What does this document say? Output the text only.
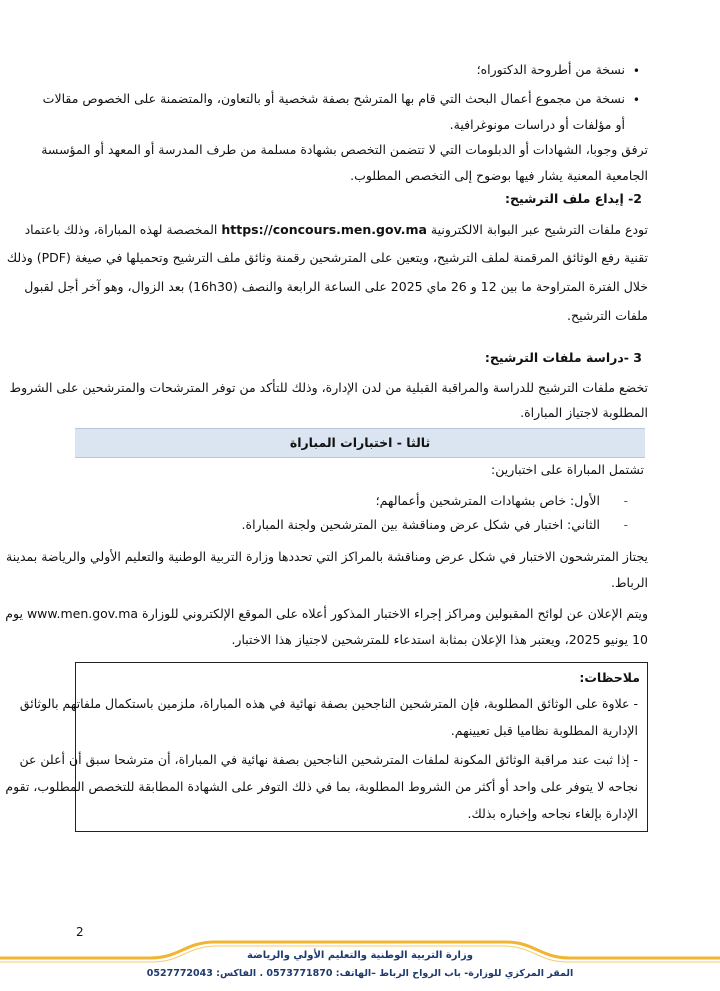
•
نسخة من أطروحة الدكتوراه؛
•
نسخة من مجموع أعمال البحث التي قام بها المترشح بصفة شخصية أو بالتعاون، والمتضمنة على الخصوص مقالات
أو مؤلفات أو دراسات مونوغرافية.
ترفق وجوبا، الشهادات أو الدبلومات التي لا تتضمن التخصص بشهادة مسلمة من طرف المدرسة أو المعهد أو المؤسسة
الجامعية المعنية يشار فيها بوضوح إلى التخصص المطلوب.
2- إيداع ملف الترشيح:
تودع ملفات الترشيح عبر البوابة الالكترونية https://concours.men.gov.ma المخصصة لهذه المباراة، وذلك باعتماد
تقنية رفع الوثائق المرقمنة لملف الترشيح، ويتعين على المترشحين رقمنة وثائق ملف الترشيح وتحميلها في صيغة (PDF) وذلك
خلال الفترة المتراوحة ما بين 12 و 26 ماي 2025 على الساعة الرابعة والنصف (16h30) بعد الزوال، وهو آخر أجل لقبول
ملفات الترشيح.
3 -دراسة ملفات الترشيح:
تخضع ملفات الترشيح للدراسة والمراقبة القبلية من لدن الإدارة، وذلك للتأكد من توفر المترشحات والمترشحين على الشروط
المطلوبة لاجتياز المباراة.
ثالثا - اختبارات المباراة
تشتمل المباراة على اختبارين:
-
الأول: خاص بشهادات المترشحين وأعمالهم؛
-
الثاني: اختبار في شكل عرض ومناقشة بين المترشحين ولجنة المباراة.
يجتاز المترشحون الاختبار في شكل عرض ومناقشة بالمراكز التي تحددها وزارة التربية الوطنية والتعليم الأولي والرياضة بمدينة
الرباط.
ويتم الإعلان عن لوائح المقبولين ومراكز إجراء الاختبار المذكور أعلاه على الموقع الإلكتروني للوزارة www.men.gov.ma يوم
10 يونيو 2025، ويعتبر هذا الإعلان بمثابة استدعاء للمترشحين لاجتياز هذا الاختبار.
ملاحظات:
- علاوة على الوثائق المطلوبة، فإن المترشحين الناجحين بصفة نهائية في هذه المباراة، ملزمين باستكمال ملفاتهم بالوثائق
الإدارية المطلوبة نظاميا قبل تعيينهم.
- إذا ثبت عند مراقبة الوثائق المكونة لملفات المترشحين الناجحين بصفة نهائية في المباراة، أن مترشحا سبق أن أعلن عن
نجاحه لا يتوفر على واحد أو أكثر من الشروط المطلوبة، بما في ذلك التوفر على الشهادة المطابقة للتخصص المطلوب، تقوم
الإدارة بإلغاء نجاحه وإخباره بذلك.
2
وزارة التربية الوطنية والتعليم الأولي والرياضة
المقر المركزي للوزارة- باب الرواح الرباط –الهاتف: 0573771870 . الفاكس: 0527772043
